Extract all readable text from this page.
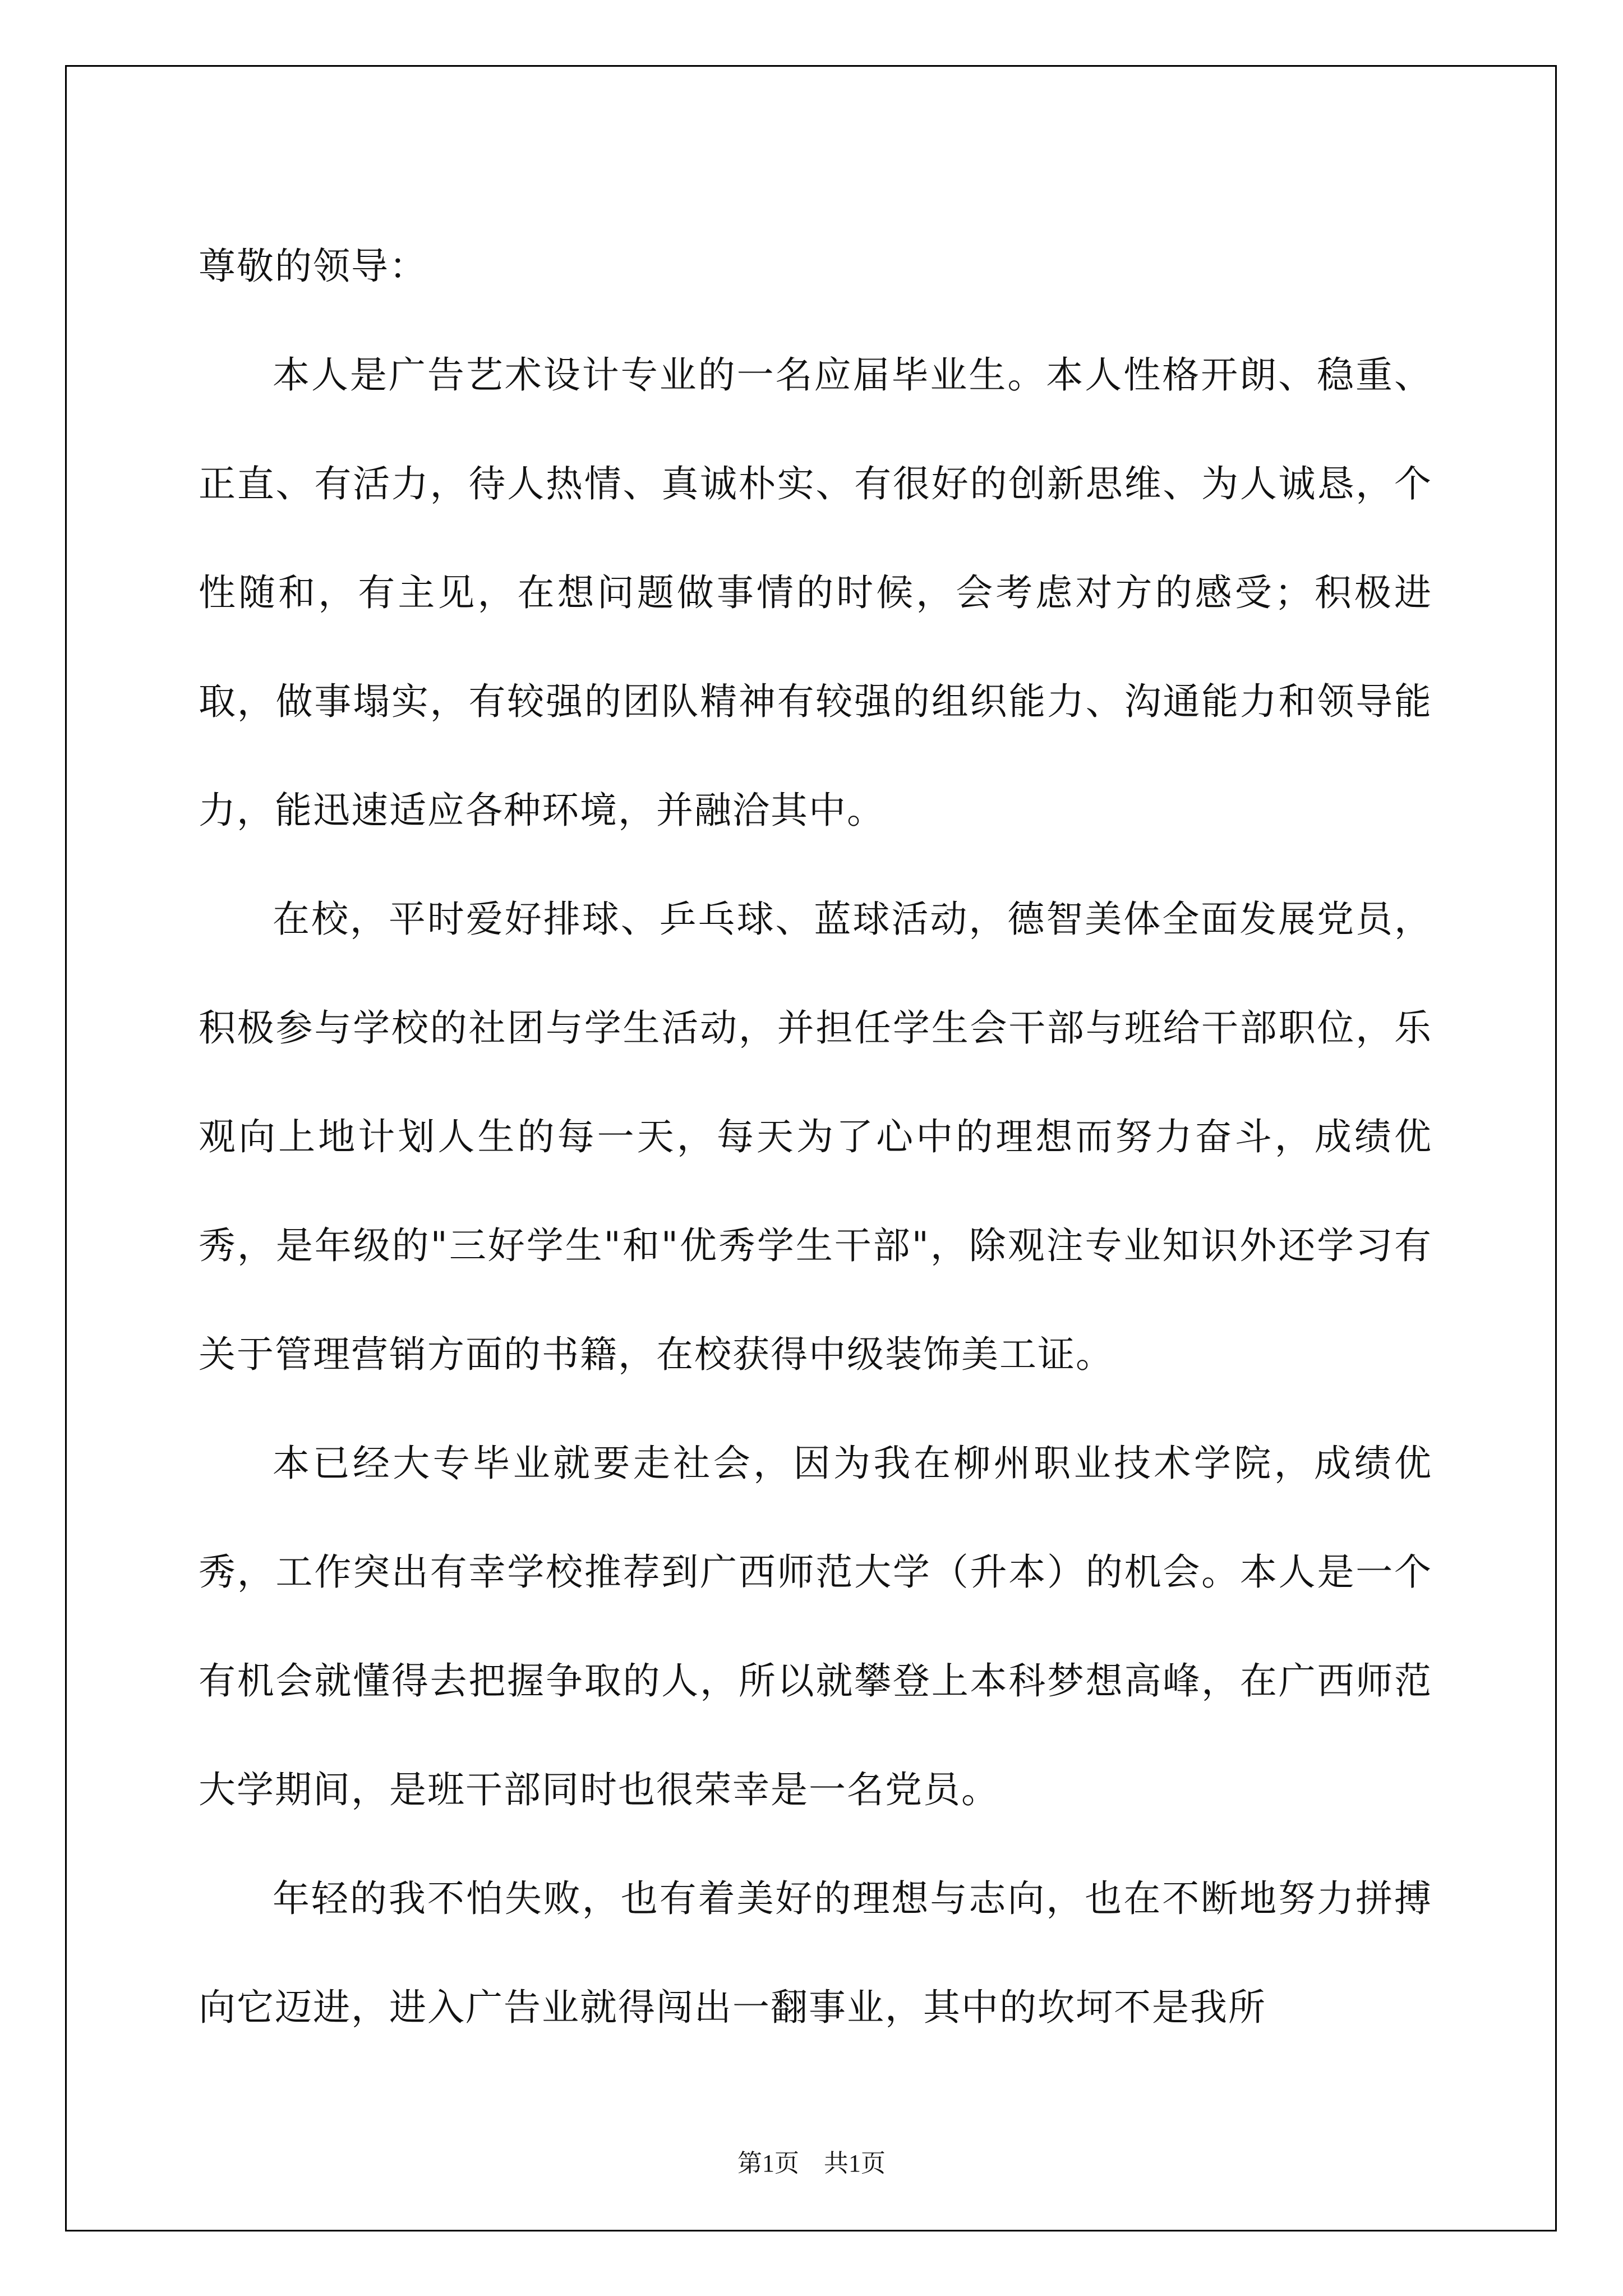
尊敬的领导：

本人是广告艺术设计专业的一名应届毕业生。本人性格开朗、稳重、正直、有活力，待人热情、真诚朴实、有很好的创新思维、为人诚恳，个性随和，有主见，在想问题做事情的时候，会考虑对方的感受；积极进取，做事塌实，有较强的团队精神有较强的组织能力、沟通能力和领导能力，能迅速适应各种环境，并融洽其中。

在校，平时爱好排球、乒乓球、蓝球活动，德智美体全面发展党员，积极参与学校的社团与学生活动，并担任学生会干部与班给干部职位，乐观向上地计划人生的每一天，每天为了心中的理想而努力奋斗，成绩优秀，是年级的"三好学生"和"优秀学生干部"，除观注专业知识外还学习有关于管理营销方面的书籍，在校获得中级装饰美工证。

本已经大专毕业就要走社会，因为我在柳州职业技术学院，成绩优秀，工作突出有幸学校推荐到广西师范大学（升本）的机会。本人是一个有机会就懂得去把握争取的人，所以就攀登上本科梦想高峰，在广西师范大学期间，是班干部同时也很荣幸是一名党员。

年轻的我不怕失败，也有着美好的理想与志向，也在不断地努力拼搏向它迈进，进入广告业就得闯出一翻事业，其中的坎坷不是我所

第1页　共1页
